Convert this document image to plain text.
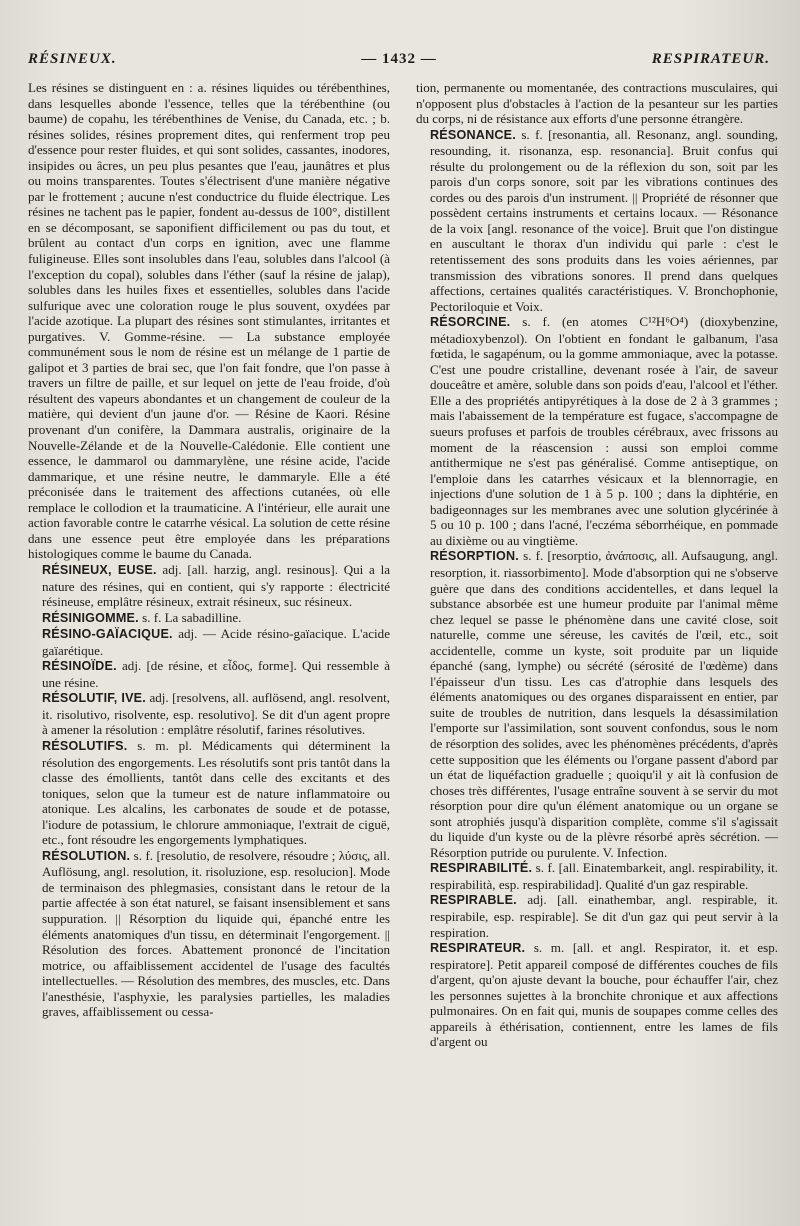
RÉSINEUX.	— 1432 —	RESPIRATEUR.

Les résines se distinguent en : a. résines liquides ou térébenthines, dans lesquelles abonde l'essence, telles que la térébenthine (ou baume) de copahu, les térébenthines de Venise, du Canada, etc. ; b. résines solides, résines proprement dites, qui renferment trop peu d'essence pour rester fluides, et qui sont solides, cassantes, inodores, insipides ou âcres, un peu plus pesantes que l'eau, jaunâtres et plus ou moins transparentes. Toutes s'électrisent d'une manière négative par le frottement ; aucune n'est conductrice du fluide électrique. Les résines ne tachent pas le papier, fondent au-dessus de 100°, distillent en se décomposant, se saponifient difficilement ou pas du tout, et brûlent au contact d'un corps en ignition, avec une flamme fuligineuse. Elles sont insolubles dans l'eau, solubles dans l'alcool (à l'exception du copal), solubles dans l'éther (sauf la résine de jalap), solubles dans les huiles fixes et essentielles, solubles dans l'acide sulfurique avec une coloration rouge le plus souvent, oxydées par l'acide azotique. La plupart des résines sont stimulantes, irritantes et purgatives. V. Gomme-résine. — La substance employée communément sous le nom de résine est un mélange de 1 partie de galipot et 3 parties de brai sec, que l'on fait fondre, que l'on passe à travers un filtre de paille, et sur lequel on jette de l'eau froide, d'où résultent des vapeurs abondantes et un changement de couleur de la matière, qui devient d'un jaune d'or. — Résine de Kaori. Résine provenant d'un conifère, la Dammara australis, originaire de la Nouvelle-Zélande et de la Nouvelle-Calédonie. Elle contient une essence, le dammarol ou dammarylène, une résine acide, l'acide dammarique, et une résine neutre, le dammaryle. Elle a été préconisée dans le traitement des affections cutanées, où elle remplace le collodion et la traumaticine. A l'intérieur, elle aurait une action favorable contre le catarrhe vésical. La solution de cette résine dans une essence peut être employée dans les préparations histologiques comme le baume du Canada.

RÉSINEUX, EUSE. adj. [all. harzig, angl. resinous]. Qui a la nature des résines, qui en contient, qui s'y rapporte : électricité résineuse, emplâtre résineux, extrait résineux, suc résineux.

RÉSINIGOMME. s. f. La sabadilline.

RÉSINO-GAÏACIQUE. adj. — Acide résino-gaïacique. L'acide gaïarétique.

RÉSINOÏDE. adj. [de résine, et εἶδος, forme]. Qui ressemble à une résine.

RÉSOLUTIF, IVE. adj. [resolvens, all. auflösend, angl. resolvent, it. risolutivo, risolvente, esp. resolutivo]. Se dit d'un agent propre à amener la résolution : emplâtre résolutif, farines résolutives.

RÉSOLUTIFS. s. m. pl. Médicaments qui déterminent la résolution des engorgements. Les résolutifs sont pris tantôt dans la classe des émollients, tantôt dans celle des excitants et des toniques, selon que la tumeur est de nature inflammatoire ou atonique. Les alcalins, les carbonates de soude et de potasse, l'iodure de potassium, le chlorure ammoniaque, l'extrait de ciguë, etc., font résoudre les engorgements lymphatiques.

RÉSOLUTION. s. f. [resolutio, de resolvere, résoudre ; λύσις, all. Auflösung, angl. resolution, it. risoluzione, esp. resolucion]. Mode de terminaison des phlegmasies, consistant dans le retour de la partie affectée à son état naturel, se faisant insensiblement et sans suppuration. || Résorption du liquide qui, épanché entre les éléments anatomiques d'un tissu, en déterminait l'engorgement. || Résolution des forces. Abattement prononcé de l'incitation motrice, ou affaiblissement accidentel de l'usage des facultés intellectuelles. — Résolution des membres, des muscles, etc. Dans l'anesthésie, l'asphyxie, les paralysies partielles, les maladies graves, affaiblissement ou cessa-

tion, permanente ou momentanée, des contractions musculaires, qui n'opposent plus d'obstacles à l'action de la pesanteur sur les parties du corps, ni de résistance aux efforts d'une personne étrangère.

RÉSONANCE. s. f. [resonantia, all. Resonanz, angl. sounding, resounding, it. risonanza, esp. resonancia]. Bruit confus qui résulte du prolongement ou de la réflexion du son, soit par les parois d'un corps sonore, soit par les vibrations continues des cordes ou des parois d'un instrument. || Propriété de résonner que possèdent certains instruments et certains locaux. — Résonance de la voix [angl. resonance of the voice]. Bruit que l'on distingue en auscultant le thorax d'un individu qui parle : c'est le retentissement des sons produits dans les voies aériennes, par transmission des vibrations sonores. Il prend dans quelques affections, certaines qualités caractéristiques. V. Bronchophonie, Pectoriloquie et Voix.

RÉSORCINE. s. f. (en atomes C¹²H⁶O⁴) (dioxybenzine, métadioxybenzol). On l'obtient en fondant le galbanum, l'asa fœtida, le sagapénum, ou la gomme ammoniaque, avec la potasse. C'est une poudre cristalline, devenant rosée à l'air, de saveur douceâtre et amère, soluble dans son poids d'eau, l'alcool et l'éther. Elle a des propriétés antipyrétiques à la dose de 2 à 3 grammes ; mais l'abaissement de la température est fugace, s'accompagne de sueurs profuses et parfois de troubles cérébraux, avec frissons au moment de la réascension : aussi son emploi comme antithermique ne s'est pas généralisé. Comme antiseptique, on l'emploie dans les catarrhes vésicaux et la blennorragie, en injections d'une solution de 1 à 5 p. 100 ; dans la diphtérie, en badigeonnages sur les membranes avec une solution glycérinée à 5 ou 10 p. 100 ; dans l'acné, l'eczéma séborrhéique, en pommade au dixième ou au vingtième.

RÉSORPTION. s. f. [resorptio, ἀνάποσις, all. Aufsaugung, angl. resorption, it. riassorbimento]. Mode d'absorption qui ne s'observe guère que dans des conditions accidentelles, et dans lequel la substance absorbée est une humeur produite par l'animal même chez lequel se passe le phénomène dans une cavité close, soit naturelle, comme une séreuse, les cavités de l'œil, etc., soit accidentelle, comme un kyste, soit produite par un liquide épanché (sang, lymphe) ou sécrété (sérosité de l'œdème) dans l'épaisseur d'un tissu. Les cas d'atrophie dans lesquels des éléments anatomiques ou des organes disparaissent en entier, par suite de troubles de nutrition, dans lesquels la désassimilation l'emporte sur l'assimilation, sont souvent confondus, sous le nom de résorption des solides, avec les phénomènes précédents, d'après cette supposition que les éléments ou l'organe passent d'abord par un état de liquéfaction graduelle ; quoiqu'il y ait là confusion de choses très différentes, l'usage entraîne souvent à se servir du mot résorption pour dire qu'un élément anatomique ou un organe se sont atrophiés jusqu'à disparition complète, comme s'il s'agissait du liquide d'un kyste ou de la plèvre résorbé après sécrétion. — Résorption putride ou purulente. V. Infection.

RESPIRABILITÉ. s. f. [all. Einatembarkeit, angl. respirability, it. respirabilità, esp. respirabilidad]. Qualité d'un gaz respirable.

RESPIRABLE. adj. [all. einathembar, angl. respirable, it. respirabile, esp. respirable]. Se dit d'un gaz qui peut servir à la respiration.

RESPIRATEUR. s. m. [all. et angl. Respirator, it. et esp. respiratore]. Petit appareil composé de différentes couches de fils d'argent, qu'on ajuste devant la bouche, pour échauffer l'air, chez les personnes sujettes à la bronchite chronique et aux affections pulmonaires. On en fait qui, munis de soupapes comme celles des appareils à éthérisation, contiennent, entre les lames de fils d'argent ou
